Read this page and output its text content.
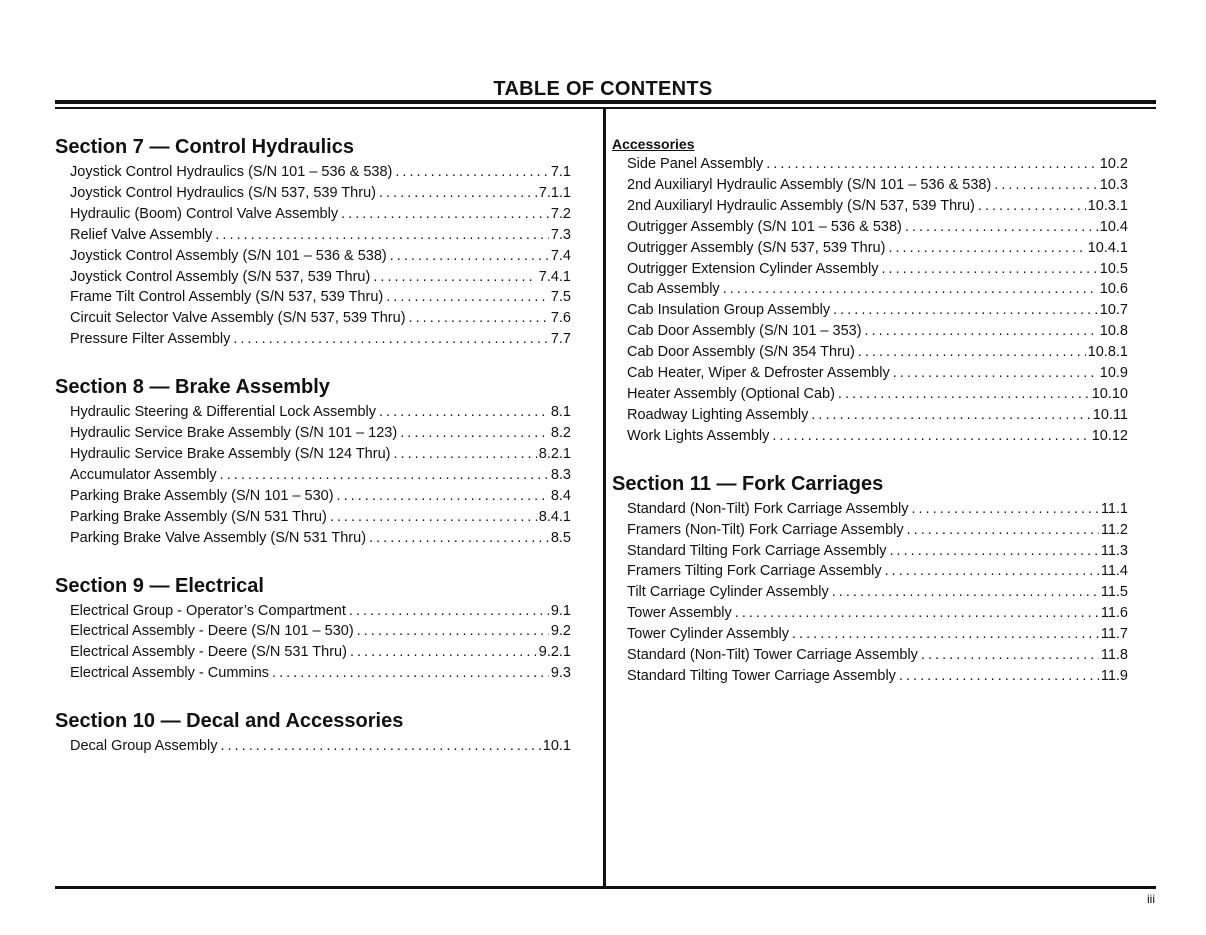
TABLE OF CONTENTS
iii
Section 7 — Control Hydraulics
Joystick Control Hydraulics (S/N 101 – 536 & 538) . . .	7.1
Joystick Control Hydraulics (S/N 537, 539 Thru) . . .	7.1.1
Hydraulic (Boom) Control Valve Assembly . . .	7.2
Relief Valve Assembly . . .	7.3
Joystick Control Assembly (S/N 101 – 536 & 538) . . .	7.4
Joystick Control Assembly (S/N 537, 539 Thru) . . .	7.4.1
Frame Tilt Control Assembly (S/N 537, 539 Thru) . . .	7.5
Circuit Selector Valve Assembly (S/N 537, 539 Thru) . . .	7.6
Pressure Filter Assembly . . .	7.7
Section 8 — Brake Assembly
Hydraulic Steering & Differential Lock Assembly . . .	8.1
Hydraulic Service Brake Assembly (S/N 101 – 123) . . .	8.2
Hydraulic Service Brake Assembly (S/N 124 Thru) . . .	8.2.1
Accumulator Assembly . . .	8.3
Parking Brake Assembly (S/N 101 – 530) . . .	8.4
Parking Brake Assembly (S/N 531 Thru) . . .	8.4.1
Parking Brake Valve Assembly (S/N 531 Thru) . . .	8.5
Section 9 — Electrical
Electrical Group - Operator’s Compartment . . .	9.1
Electrical Assembly - Deere (S/N 101 – 530) . . .	9.2
Electrical Assembly - Deere (S/N 531 Thru) . . .	9.2.1
Electrical Assembly - Cummins . . .	9.3
Section 10 — Decal and Accessories
Decal Group Assembly . . .	10.1
Accessories
Side Panel Assembly . . .	10.2
2nd Auxiliaryl Hydraulic Assembly (S/N 101 – 536 & 538) . . .	10.3
2nd Auxiliaryl Hydraulic Assembly (S/N 537, 539 Thru) . . .	10.3.1
Outrigger Assembly (S/N 101 – 536 & 538) . . .	10.4
Outrigger Assembly (S/N 537, 539 Thru) . . .	10.4.1
Outrigger Extension Cylinder Assembly . . .	10.5
Cab Assembly . . .	10.6
Cab Insulation Group Assembly . . .	10.7
Cab Door Assembly (S/N 101 – 353) . . .	10.8
Cab Door Assembly (S/N 354 Thru) . . .	10.8.1
Cab Heater, Wiper & Defroster Assembly . . .	10.9
Heater Assembly (Optional Cab) . . .	10.10
Roadway Lighting Assembly . . .	10.11
Work Lights Assembly . . .	10.12
Section 11 — Fork Carriages
Standard (Non-Tilt) Fork Carriage Assembly . . .	11.1
Framers (Non-Tilt) Fork Carriage Assembly . . .	11.2
Standard Tilting Fork Carriage Assembly . . .	11.3
Framers Tilting Fork Carriage Assembly . . .	11.4
Tilt Carriage Cylinder Assembly . . .	11.5
Tower Assembly . . .	11.6
Tower Cylinder Assembly . . .	11.7
Standard (Non-Tilt) Tower Carriage Assembly . . .	11.8
Standard Tilting Tower Carriage Assembly . . .	11.9
